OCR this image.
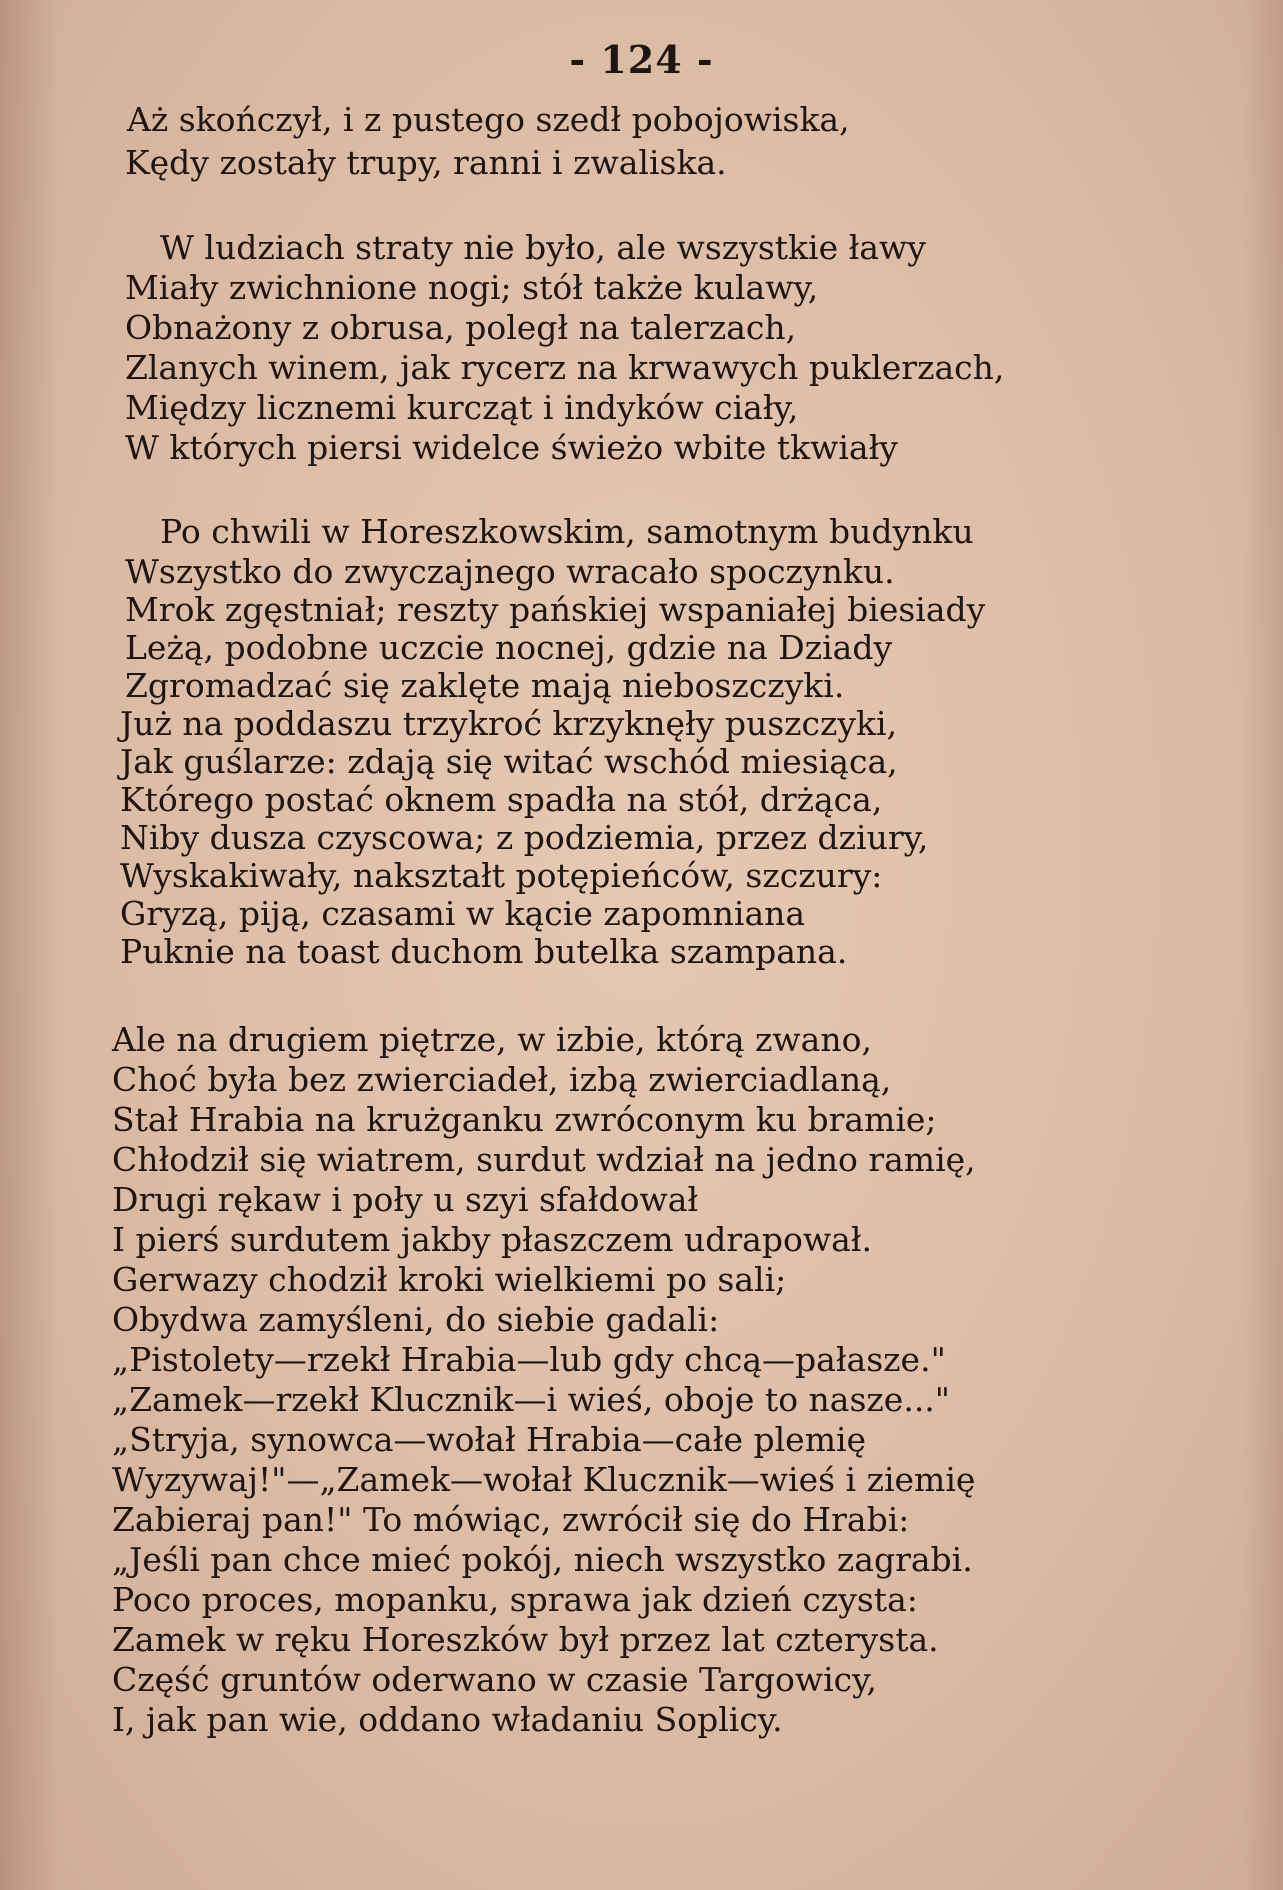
- 124 -
Aż skończył, i z pustego szedł pobojowiska,
Kędy zostały trupy, ranni i zwaliska.
W ludziach straty nie było, ale wszystkie ławy
Miały zwichnione nogi; stół także kulawy,
Obnażony z obrusa, poległ na talerzach,
Zlanych winem, jak rycerz na krwawych puklerzach,
Między licznemi kurcząt i indyków ciały,
W których piersi widelce świeżo wbite tkwiały
Po chwili w Horeszkowskim, samotnym budynku
Wszystko do zwyczajnego wracało spoczynku.
Mrok zgęstniał; reszty pańskiej wspaniałej biesiady
Leżą, podobne uczcie nocnej, gdzie na Dziady
Zgromadzać się zaklęte mają nieboszczyki.
Już na poddaszu trzykroć krzyknęły puszczyki,
Jak guślarze: zdają się witać wschód miesiąca,
Którego postać oknem spadła na stół, drżąca,
Niby dusza czyscowa; z podziemia, przez dziury,
Wyskakiwały, nakształt potępieńców, szczury:
Gryzą, piją, czasami w kącie zapomniana
Puknie na toast duchom butelka szampana.
Ale na drugiem piętrze, w izbie, którą zwano,
Choć była bez zwierciadeł, izbą zwierciadlaną,
Stał Hrabia na krużganku zwróconym ku bramie;
Chłodził się wiatrem, surdut wdział na jedno ramię,
Drugi rękaw i poły u szyi sfałdował
I pierś surdutem jakby płaszczem udrapował.
Gerwazy chodził kroki wielkiemi po sali;
Obydwa zamyśleni, do siebie gadali:
„Pistolety—rzekł Hrabia—lub gdy chcą—pałasze."
„Zamek—rzekł Klucznik—i wieś, oboje to nasze..."
„Stryja, synowca—wołał Hrabia—całe plemię
Wyzywaj!"—„Zamek—wołał Klucznik—wieś i ziemię
Zabieraj pan!" To mówiąc, zwrócił się do Hrabi:
„Jeśli pan chce mieć pokój, niech wszystko zagrabi.
Poco proces, mopanku, sprawa jak dzień czysta:
Zamek w ręku Horeszków był przez lat czterysta.
Część gruntów oderwano w czasie Targowicy,
I, jak pan wie, oddano władaniu Soplicy.
